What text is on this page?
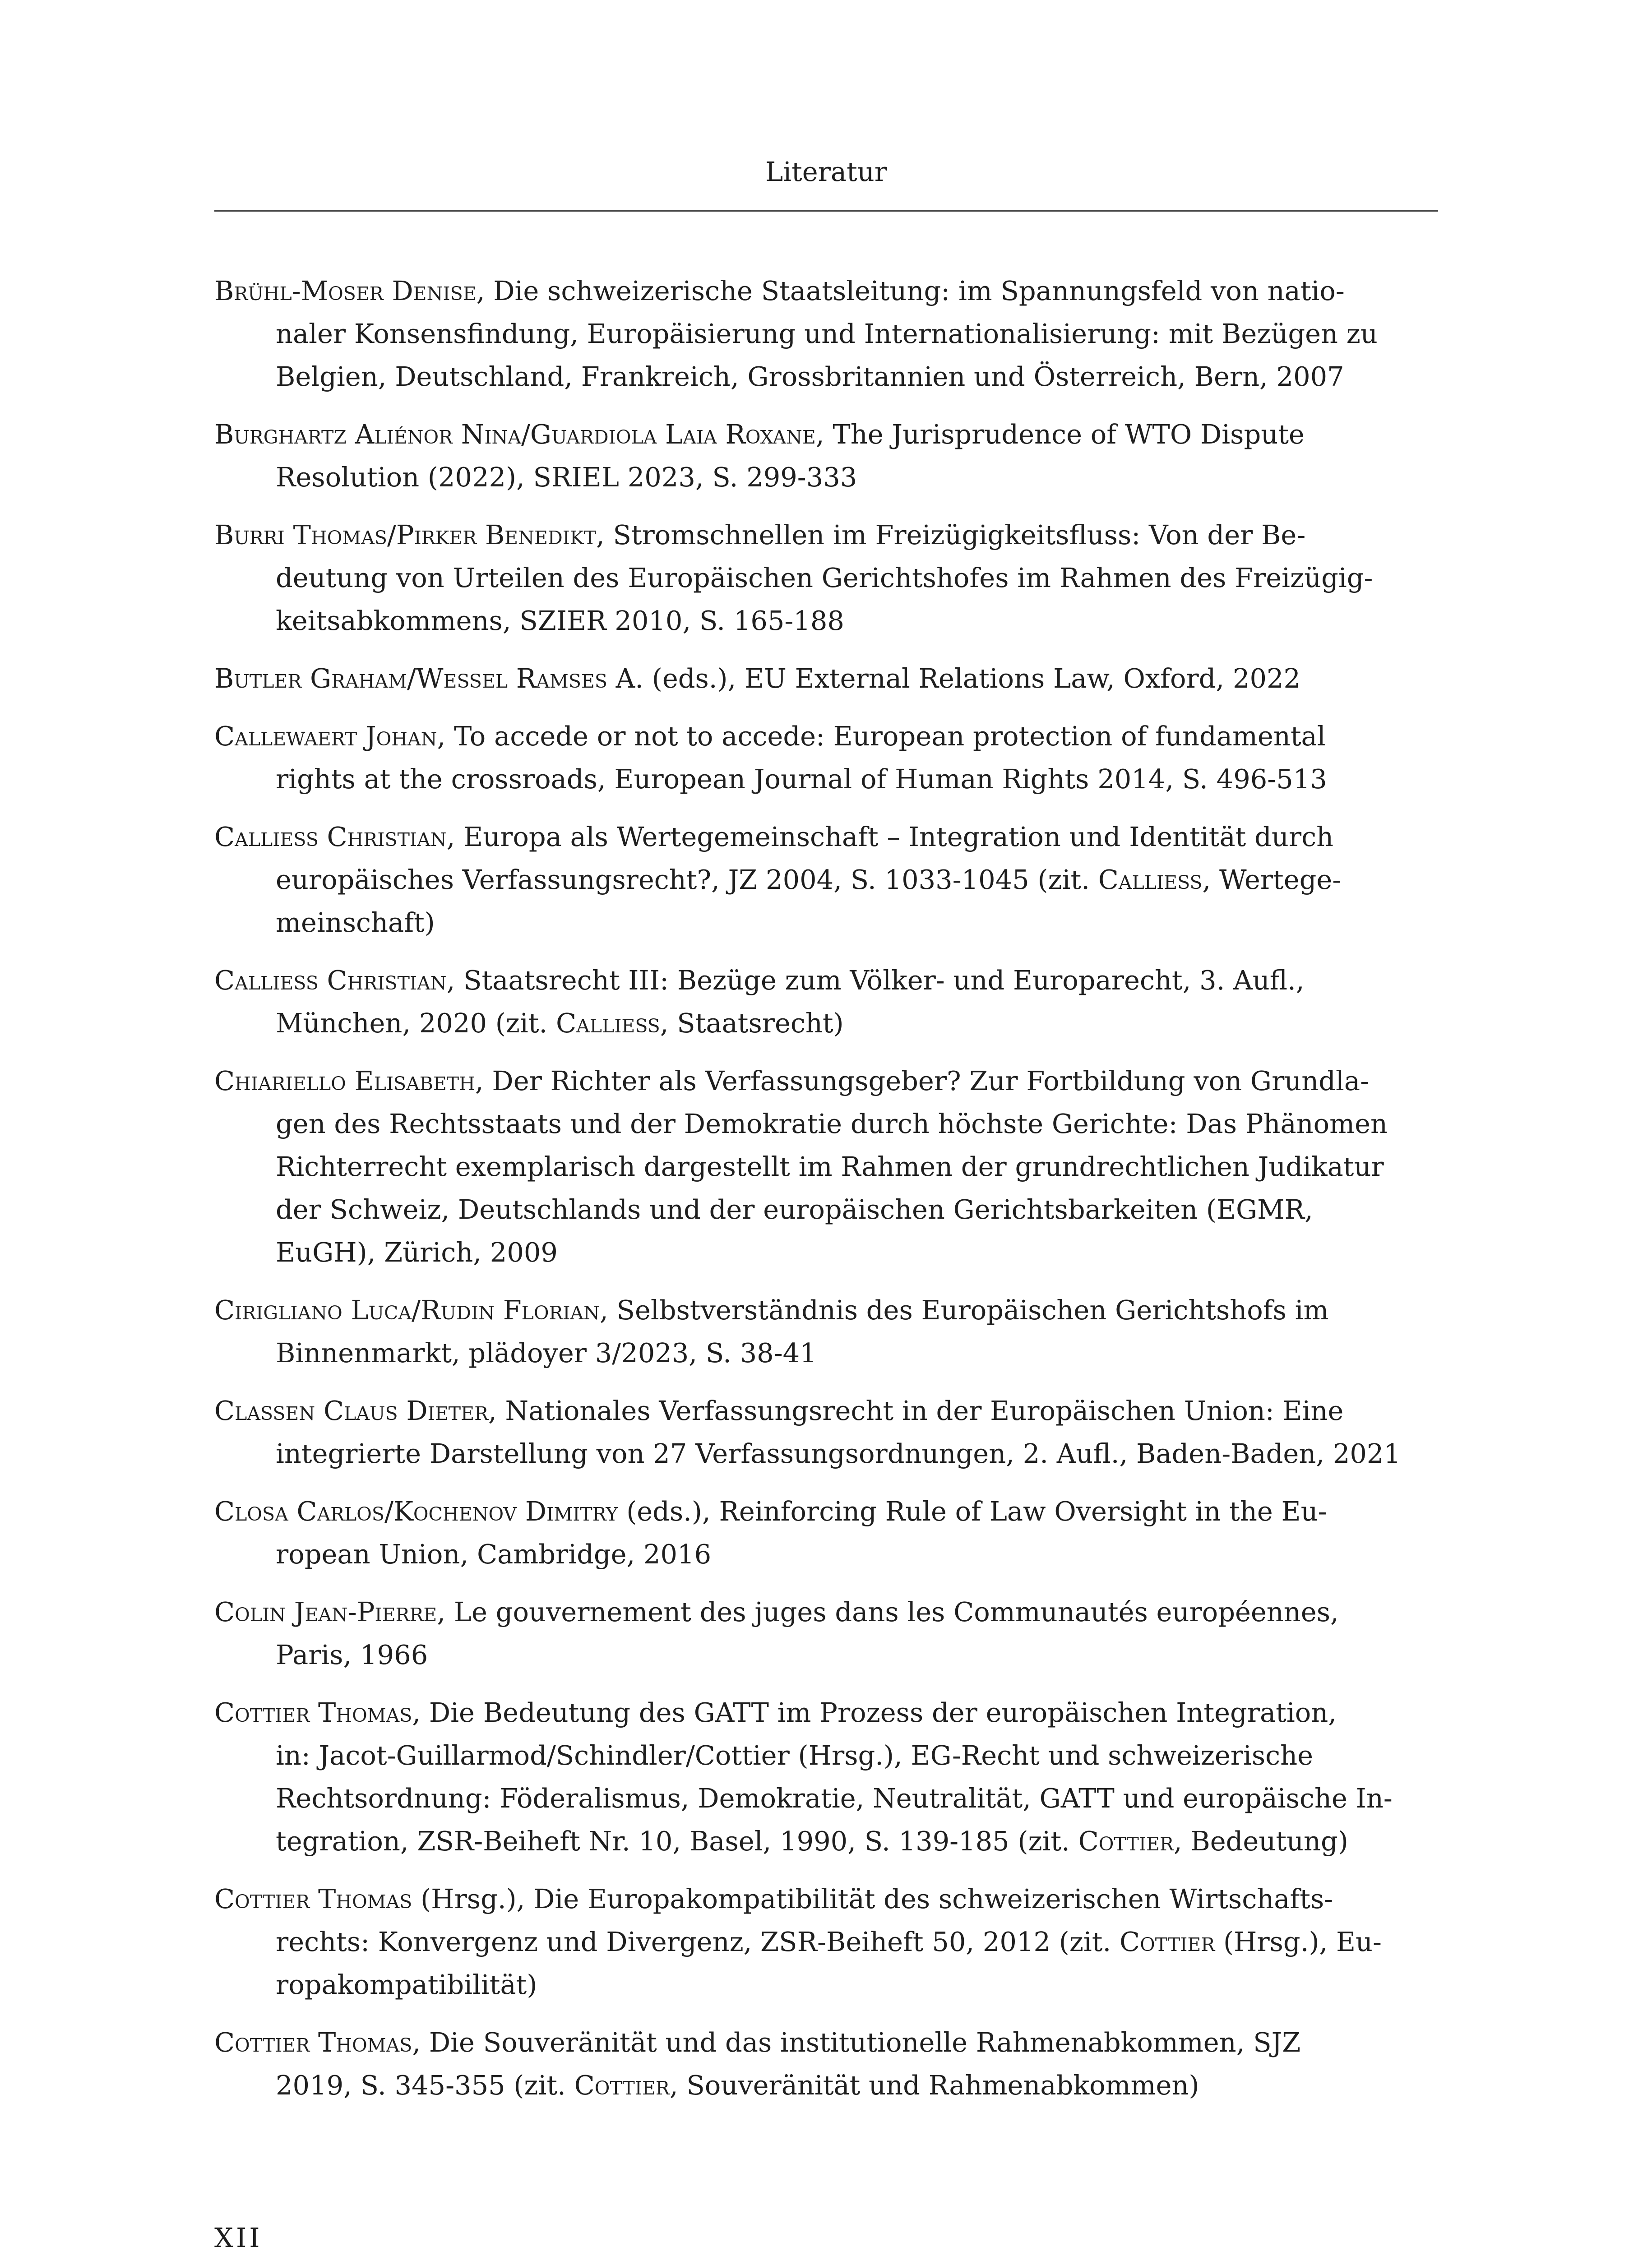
Literatur
Brühl-Moser Denise, Die schweizerische Staatsleitung: im Spannungsfeld von natio-
naler Konsensfindung, Europäisierung und Internationalisierung: mit Bezügen zu
Belgien, Deutschland, Frankreich, Grossbritannien und Österreich, Bern, 2007
Burghartz Aliénor Nina/Guardiola Laia Roxane, The Jurisprudence of WTO Dispute
Resolution (2022), SRIEL 2023, S. 299-333
Burri Thomas/Pirker Benedikt, Stromschnellen im Freizügigkeitsfluss: Von der Be-
deutung von Urteilen des Europäischen Gerichtshofes im Rahmen des Freizügig-
keitsabkommens, SZIER 2010, S. 165-188
Butler Graham/Wessel Ramses A. (eds.), EU External Relations Law, Oxford, 2022
Callewaert Johan, To accede or not to accede: European protection of fundamental
rights at the crossroads, European Journal of Human Rights 2014, S. 496-513
Calliess Christian, Europa als Wertegemeinschaft – Integration und Identität durch
europäisches Verfassungsrecht?, JZ 2004, S. 1033-1045 (zit. Calliess, Wertege-
meinschaft)
Calliess Christian, Staatsrecht III: Bezüge zum Völker- und Europarecht, 3. Aufl.,
München, 2020 (zit. Calliess, Staatsrecht)
Chiariello Elisabeth, Der Richter als Verfassungsgeber? Zur Fortbildung von Grundla-
gen des Rechtsstaats und der Demokratie durch höchste Gerichte: Das Phänomen
Richterrecht exemplarisch dargestellt im Rahmen der grundrechtlichen Judikatur
der Schweiz, Deutschlands und der europäischen Gerichtsbarkeiten (EGMR,
EuGH), Zürich, 2009
Cirigliano Luca/Rudin Florian, Selbstverständnis des Europäischen Gerichtshofs im
Binnenmarkt, plädoyer 3/2023, S. 38-41
Classen Claus Dieter, Nationales Verfassungsrecht in der Europäischen Union: Eine
integrierte Darstellung von 27 Verfassungsordnungen, 2. Aufl., Baden-Baden, 2021
Closa Carlos/Kochenov Dimitry (eds.), Reinforcing Rule of Law Oversight in the Eu-
ropean Union, Cambridge, 2016
Colin Jean-Pierre, Le gouvernement des juges dans les Communautés européennes,
Paris, 1966
Cottier Thomas, Die Bedeutung des GATT im Prozess der europäischen Integration,
in: Jacot-Guillarmod/Schindler/Cottier (Hrsg.), EG-Recht und schweizerische
Rechtsordnung: Föderalismus, Demokratie, Neutralität, GATT und europäische In-
tegration, ZSR-Beiheft Nr. 10, Basel, 1990, S. 139-185 (zit. Cottier, Bedeutung)
Cottier Thomas (Hrsg.), Die Europakompatibilität des schweizerischen Wirtschafts-
rechts: Konvergenz und Divergenz, ZSR-Beiheft 50, 2012 (zit. Cottier (Hrsg.), Eu-
ropakompatibilität)
Cottier Thomas, Die Souveränität und das institutionelle Rahmenabkommen, SJZ
2019, S. 345-355 (zit. Cottier, Souveränität und Rahmenabkommen)
XII
